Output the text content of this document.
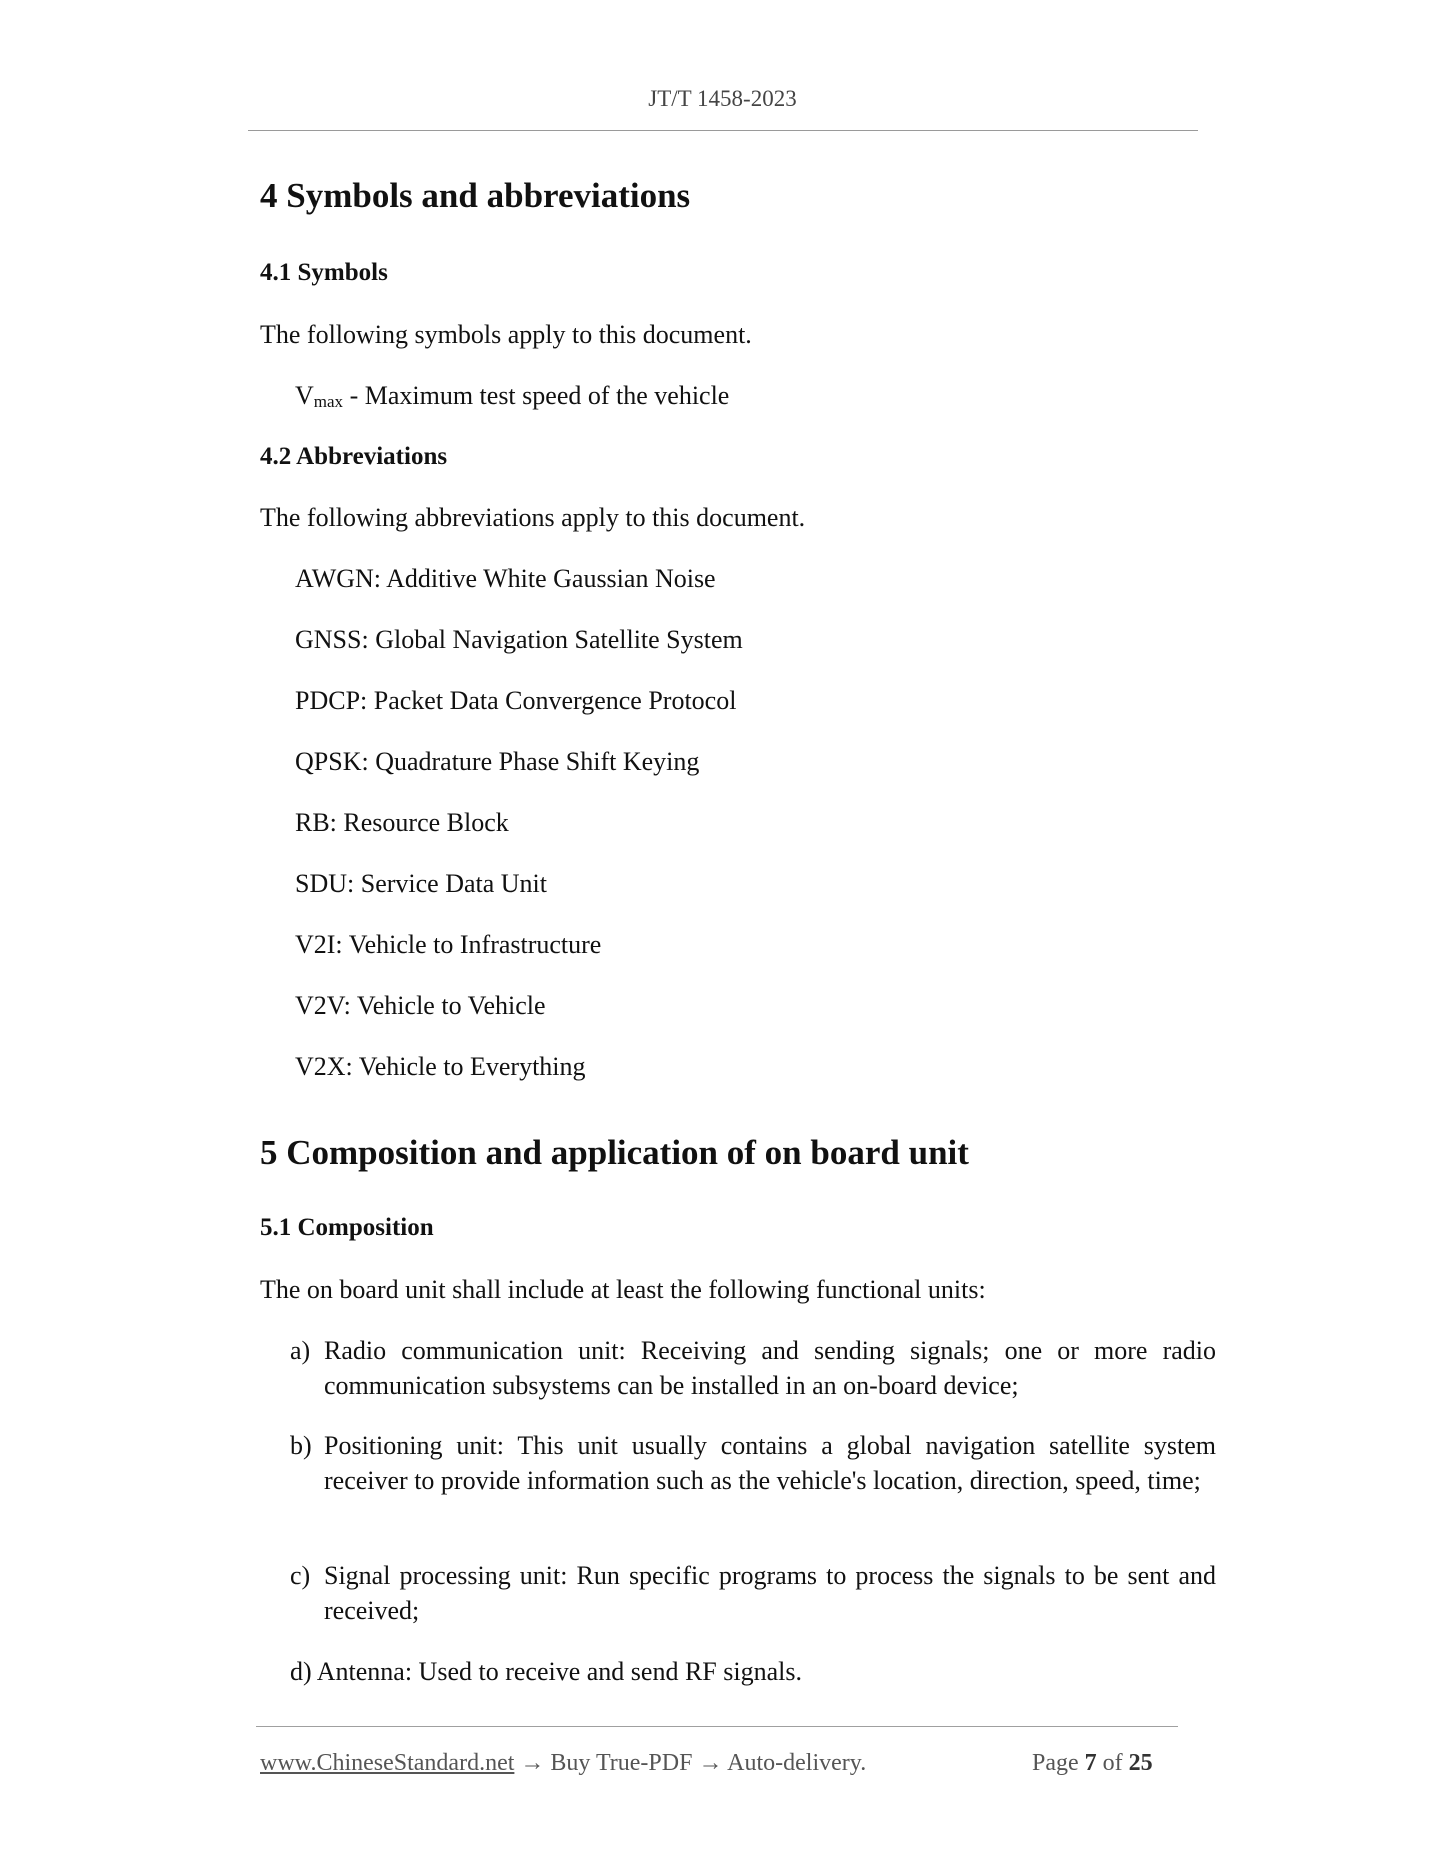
JT/T 1458-2023
4 Symbols and abbreviations
4.1 Symbols

The following symbols apply to this document.

$V_{max}$ - Maximum test speed of the vehicle

4.2 Abbreviations

The following abbreviations apply to this document.

AWGN: Additive White Gaussian Noise

GNSS: Global Navigation Satellite System

PDCP: Packet Data Convergence Protocol

QPSK: Quadrature Phase Shift Keying

RB: Resource Block

SDU: Service Data Unit

V2I: Vehicle to Infrastructure

V2V: Vehicle to Vehicle

V2X: Vehicle to Everything

5 Composition and application of on board unit
5.1 Composition

The on board unit shall include at least the following functional units:

a) Radio communication unit: Receiving and sending signals; one or more radio communication subsystems can be installed in an on-board device;

b) Positioning unit: This unit usually contains a global navigation satellite system receiver to provide information such as the vehicle's location, direction, speed, time;

c) Signal processing unit: Run specific programs to process the signals to be sent and received;

d) Antenna: Used to receive and send RF signals.

www.ChineseStandard.net → Buy True-PDF → Auto-delivery.	Page 7 of 25
